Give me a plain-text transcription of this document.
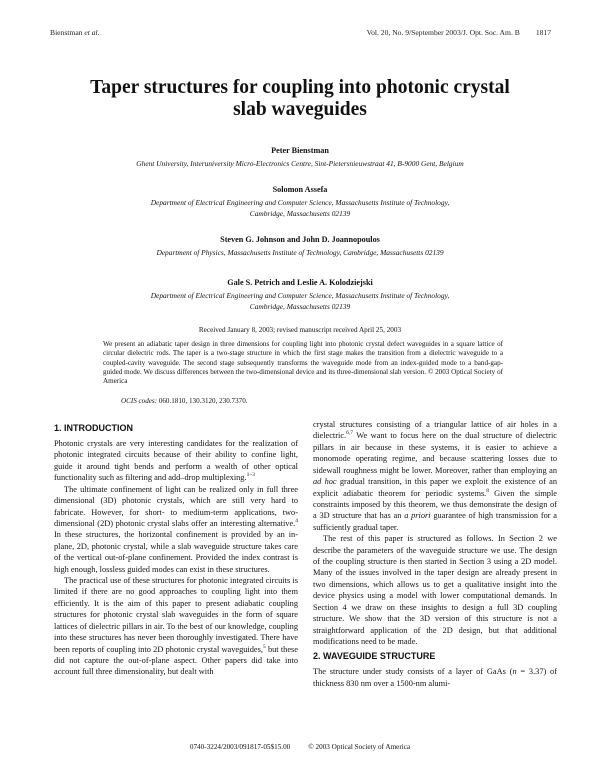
Bienstman et al.	Vol. 20, No. 9/September 2003/J. Opt. Soc. Am. B 1817
Taper structures for coupling into photonic crystal
slab waveguides
Peter Bienstman
Ghent University, Interuniversity Micro-Electronics Centre, Sint-Pietersnieuwstraat 41, B-9000 Gent, Belgium
Solomon Assefa
Department of Electrical Engineering and Computer Science, Massachusetts Institute of Technology,
Cambridge, Massachusetts 02139
Steven G. Johnson and John D. Joannopoulos
Department of Physics, Massachusetts Institute of Technology, Cambridge, Massachusetts 02139
Gale S. Petrich and Leslie A. Kolodziejski
Department of Electrical Engineering and Computer Science, Massachusetts Institute of Technology,
Cambridge, Massachusetts 02139
Received January 8, 2003; revised manuscript received April 25, 2003
We present an adiabatic taper design in three dimensions for coupling light into photonic crystal defect waveguides in a square lattice of circular dielectric rods. The taper is a two-stage structure in which the first stage makes the transition from a dielectric waveguide to a coupled-cavity waveguide. The second stage subsequently transforms the waveguide mode from an index-guided mode to a band-gap-guided mode. We discuss differences between the two-dimensional device and its three-dimensional slab version. © 2003 Optical Society of America
OCIS codes: 060.1810, 130.3120, 230.7370.
1. INTRODUCTION

Photonic crystals are very interesting candidates for the realization of photonic integrated circuits because of their ability to confine light, guide it around tight bends and perform a wealth of other optical functionality such as filtering and add–drop multiplexing.$^{1-3}$

The ultimate confinement of light can be realized only in full three dimensional (3D) photonic crystals, which are still very hard to fabricate. However, for short- to medium-term applications, two-dimensional (2D) photonic crystal slabs offer an interesting alternative.$^4$ In these structures, the horizontal confinement is provided by an in-plane, 2D, photonic crystal, while a slab waveguide structure takes care of the vertical out-of-plane confinement. Provided the index contrast is high enough, lossless guided modes can exist in these structures.

The practical use of these structures for photonic integrated circuits is limited if there are no good approaches to coupling light into them efficiently. It is the aim of this paper to present adiabatic coupling structures for photonic crystal slab waveguides in the form of square lattices of dielectric pillars in air. To the best of our knowledge, coupling into these structures has never been thoroughly investigated. There have been reports of coupling into 2D photonic crystal waveguides,$^5$ but these did not capture the out-of-plane aspect. Other papers did take into account full three dimensionality, but dealt with

crystal structures consisting of a triangular lattice of air holes in a dielectric.$^{6,7}$ We want to focus here on the dual structure of dielectric pillars in air because in these systems, it is easier to achieve a monomode operating regime, and because scattering losses due to sidewall roughness might be lower. Moreover, rather than employing an ad hoc gradual transition, in this paper we exploit the existence of an explicit adiabatic theorem for periodic systems.$^8$ Given the simple constraints imposed by this theorem, we thus demonstrate the design of a 3D structure that has an a priori guarantee of high transmission for a sufficiently gradual taper.

The rest of this paper is structured as follows. In Section 2 we describe the parameters of the waveguide structure we use. The design of the coupling structure is then started in Section 3 using a 2D model. Many of the issues involved in the taper design are already present in two dimensions, which allows us to get a qualitative insight into the device physics using a model with lower computational demands. In Section 4 we draw on these insights to design a full 3D coupling structure. We show that the 3D version of this structure is not a straightforward application of the 2D design, but that additional modifications need to be made.

2. WAVEGUIDE STRUCTURE

The structure under study consists of a layer of GaAs (n = 3.37) of thickness 830 nm over a 1500-nm alumi-

0740-3224/2003/091817-05$15.00          © 2003 Optical Society of America
